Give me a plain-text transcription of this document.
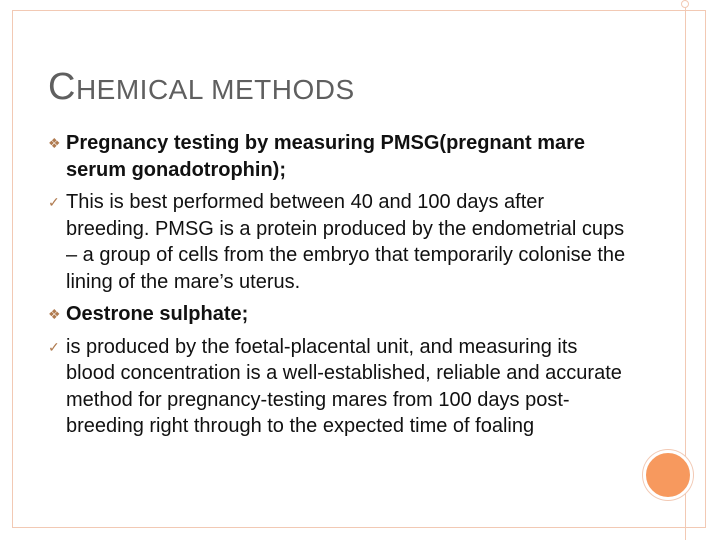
CHEMICAL METHODS
❖ Pregnancy testing by measuring PMSG(pregnant mare serum gonadotrophin);
✓ This is best performed between 40 and 100 days after breeding. PMSG is a protein produced by the endometrial cups – a group of cells from the embryo that temporarily colonise the lining of the mare’s uterus.
❖ Oestrone sulphate;
✓ is produced by the foetal-placental unit, and measuring its blood concentration is a well-established, reliable and accurate method for pregnancy-testing mares from 100 days post-breeding right through to the expected time of foaling
